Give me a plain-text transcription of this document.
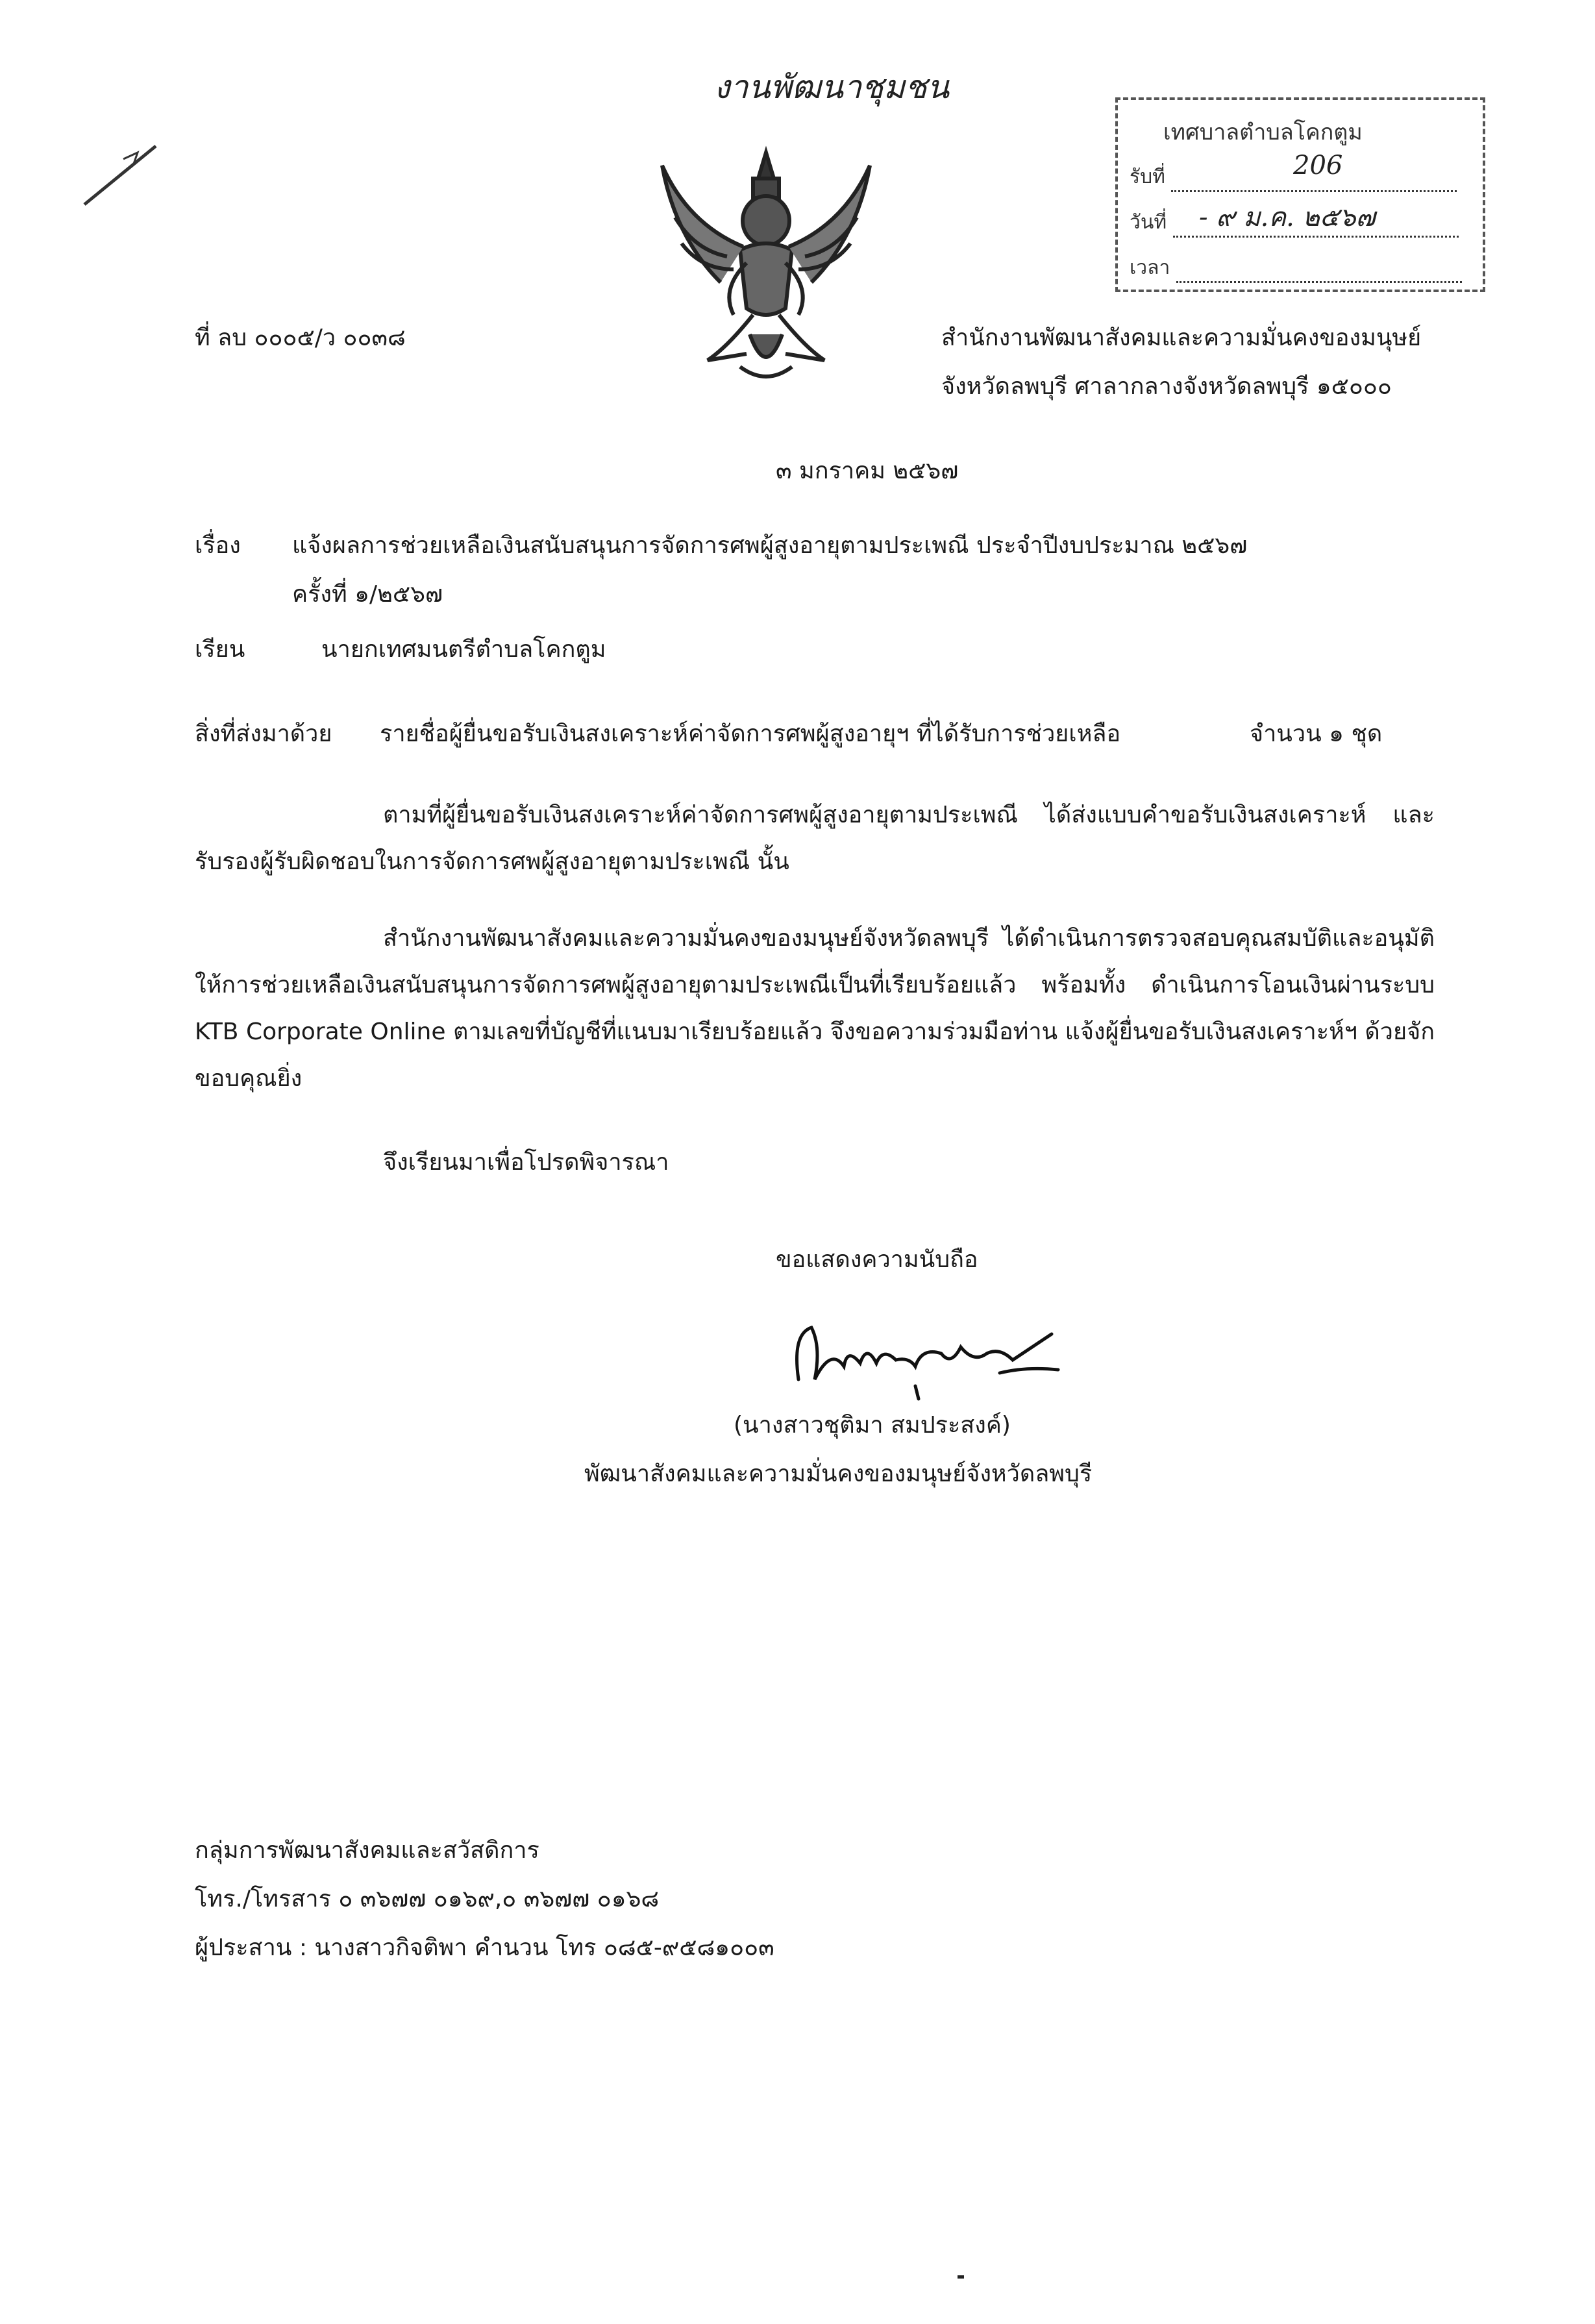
งานพัฒนาชุมชน
เทศบาลตำบลโคกตูม
รับที่	206
วันที่	- ๙ ม.ค. ๒๕๖๗
เวลา
ที่ ลบ ๐๐๐๕/ว ๐๐๓๘	สำนักงานพัฒนาสังคมและความมั่นคงของมนุษย์
จังหวัดลพบุรี ศาลากลางจังหวัดลพบุรี ๑๕๐๐๐
๓ มกราคม ๒๕๖๗
เรื่อง แจ้งผลการช่วยเหลือเงินสนับสนุนการจัดการศพผู้สูงอายุตามประเพณี ประจำปีงบประมาณ ๒๕๖๗
ครั้งที่ ๑/๒๕๖๗
เรียน	นายกเทศมนตรีตำบลโคกตูม
สิ่งที่ส่งมาด้วย รายชื่อผู้ยื่นขอรับเงินสงเคราะห์ค่าจัดการศพผู้สูงอายุฯ ที่ได้รับการช่วยเหลือ	จำนวน ๑ ชุด
ตามที่ผู้ยื่นขอรับเงินสงเคราะห์ค่าจัดการศพผู้สูงอายุตามประเพณี ได้ส่งแบบคำขอรับเงินสงเคราะห์ และรับรองผู้รับผิดชอบในการจัดการศพผู้สูงอายุตามประเพณี นั้น
สำนักงานพัฒนาสังคมและความมั่นคงของมนุษย์จังหวัดลพบุรี ได้ดำเนินการตรวจสอบคุณสมบัติและอนุมัติให้การช่วยเหลือเงินสนับสนุนการจัดการศพผู้สูงอายุตามประเพณีเป็นที่เรียบร้อยแล้ว พร้อมทั้ง ดำเนินการโอนเงินผ่านระบบ KTB Corporate Online ตามเลขที่บัญชีที่แนบมาเรียบร้อยแล้ว จึงขอความร่วมมือท่าน แจ้งผู้ยื่นขอรับเงินสงเคราะห์ฯ ด้วยจักขอบคุณยิ่ง
จึงเรียนมาเพื่อโปรดพิจารณา
ขอแสดงความนับถือ
(นางสาวชุติมา สมประสงค์)
พัฒนาสังคมและความมั่นคงของมนุษย์จังหวัดลพบุรี
กลุ่มการพัฒนาสังคมและสวัสดิการ
โทร./โทรสาร ๐ ๓๖๗๗ ๐๑๖๙,๐ ๓๖๗๗ ๐๑๖๘
ผู้ประสาน : นางสาวกิจติพา คำนวน โทร ๐๘๕-๙๕๘๑๐๐๓
